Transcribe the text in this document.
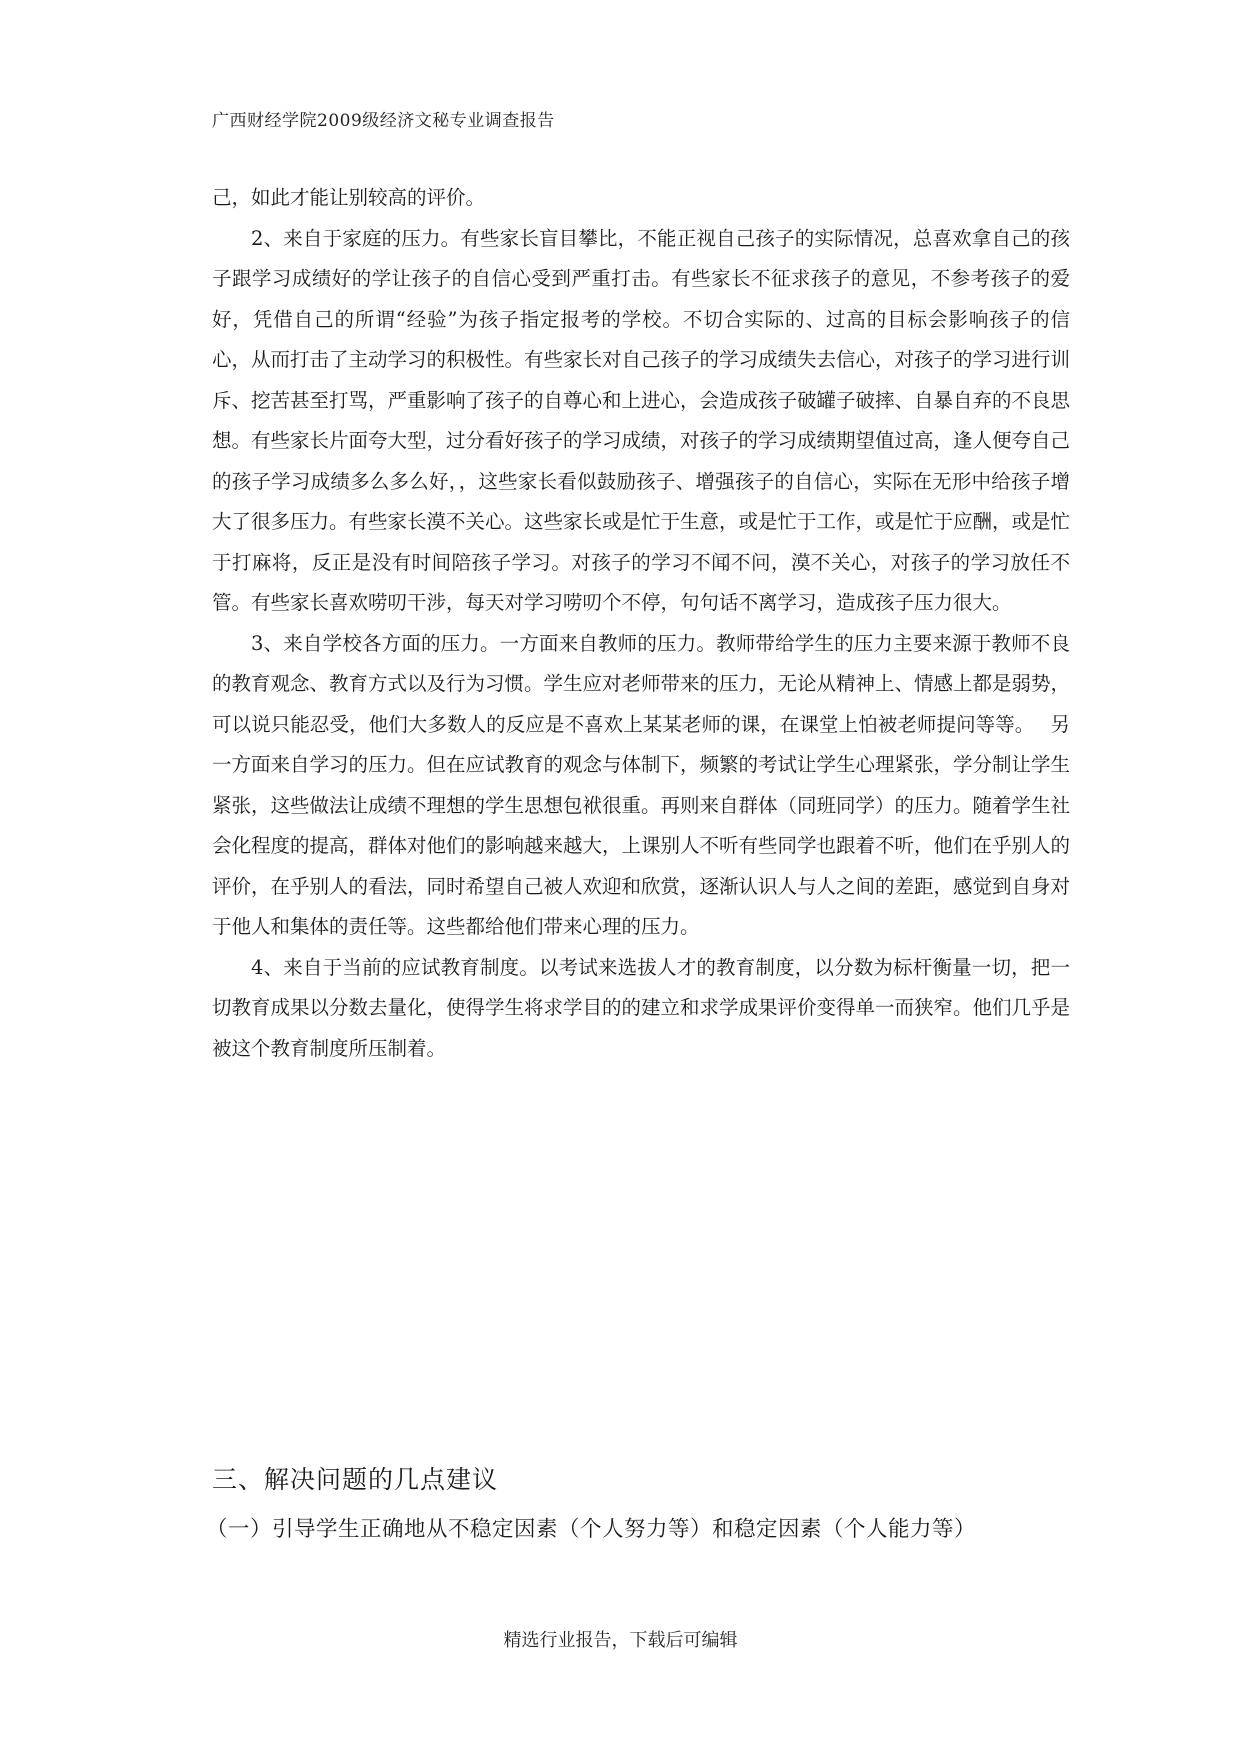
广西财经学院2009级经济文秘专业调查报告

己，如此才能让别较高的评价。

2、来自于家庭的压力。有些家长盲目攀比，不能正视自己孩子的实际情况，总喜欢拿自己的孩子跟学习成绩好的学让孩子的自信心受到严重打击。有些家长不征求孩子的意见，不参考孩子的爱好，凭借自己的所谓“经验”为孩子指定报考的学校。不切合实际的、过高的目标会影响孩子的信心，从而打击了主动学习的积极性。有些家长对自己孩子的学习成绩失去信心，对孩子的学习进行训斥、挖苦甚至打骂，严重影响了孩子的自尊心和上进心，会造成孩子破罐子破摔、自暴自弃的不良思想。有些家长片面夸大型，过分看好孩子的学习成绩，对孩子的学习成绩期望值过高，逢人便夸自己的孩子学习成绩多么多么好，，这些家长看似鼓励孩子、增强孩子的自信心，实际在无形中给孩子增大了很多压力。有些家长漠不关心。这些家长或是忙于生意，或是忙于工作，或是忙于应酬，或是忙于打麻将，反正是没有时间陪孩子学习。对孩子的学习不闻不问，漠不关心，对孩子的学习放任不管。有些家长喜欢唠叨干涉，每天对学习唠叨个不停，句句话不离学习，造成孩子压力很大。

3、来自学校各方面的压力。一方面来自教师的压力。教师带给学生的压力主要来源于教师不良的教育观念、教育方式以及行为习惯。学生应对老师带来的压力，无论从精神上、情感上都是弱势，可以说只能忍受，他们大多数人的反应是不喜欢上某某老师的课，在课堂上怕被老师提问等等。　 另一方面来自学习的压力。但在应试教育的观念与体制下，频繁的考试让学生心理紧张，学分制让学生紧张，这些做法让成绩不理想的学生思想包袱很重。再则来自群体（同班同学）的压力。随着学生社会化程度的提高，群体对他们的影响越来越大，上课别人不听有些同学也跟着不听，他们在乎别人的评价，在乎别人的看法，同时希望自己被人欢迎和欣赏，逐渐认识人与人之间的差距，感觉到自身对于他人和集体的责任等。这些都给他们带来心理的压力。

4、来自于当前的应试教育制度。以考试来选拔人才的教育制度，以分数为标杆衡量一切，把一切教育成果以分数去量化，使得学生将求学目的的建立和求学成果评价变得单一而狭窄。他们几乎是被这个教育制度所压制着。

三、解决问题的几点建议
（一）引导学生正确地从不稳定因素（个人努力等）和稳定因素（个人能力等）
精选行业报告，下载后可编辑
